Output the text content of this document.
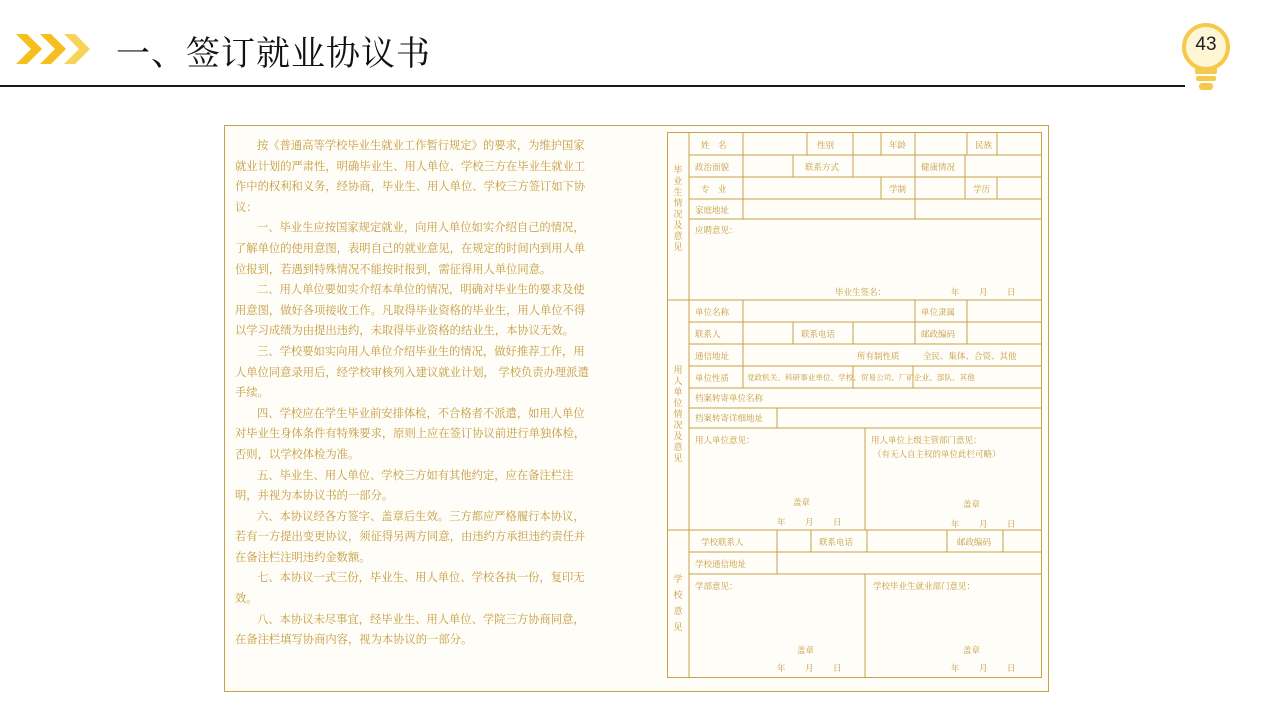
一、签订就业协议书	43

按《普通高等学校毕业生就业工作暂行规定》的要求，为维护国家就业计划的严肃性，明确毕业生、用人单位、学校三方在毕业生就业工作中的权利和义务，经协商，毕业生、用人单位、学校三方签订如下协议：

一、毕业生应按国家规定就业，向用人单位如实介绍自己的情况，了解单位的使用意图，表明自己的就业意见，在规定的时间内到用人单位报到，若遇到特殊情况不能按时报到，需征得用人单位同意。

二、用人单位要如实介绍本单位的情况，明确对毕业生的要求及使用意图，做好各项接收工作。凡取得毕业资格的毕业生，用人单位不得以学习成绩为由提出违约，未取得毕业资格的结业生，本协议无效。

三、学校要如实向用人单位介绍毕业生的情况，做好推荐工作，用人单位同意录用后，经学校审核列入建议就业计划， 学校负责办理派遣手续。

四、学校应在学生毕业前安排体检，不合格者不派遣，如用人单位对毕业生身体条件有特殊要求，原则上应在签订协议前进行单独体检，否则，以学校体检为准。

五、毕业生、用人单位、学校三方如有其他约定，应在备注栏注明，并视为本协议书的一部分。

六、本协议经各方签字、盖章后生效。三方都应严格履行本协议，若有一方提出变更协议，须征得另两方同意，由违约方承担违约责任并在备注栏注明违约金数额。

七、本协议一式三份，毕业生、用人单位、学校各执一份，复印无效。

八、本协议未尽事宜，经毕业生、用人单位、学院三方协商同意，在备注栏填写协商内容，视为本协议的一部分。

毕业生情况及意见
用人单位情况及意见
学校意见
姓　名	性别	年龄	民族
政治面貌	联系方式	健康情况
专　业	学制	学历
家庭地址
应聘意见：
毕业生签名：	年 月 日
单位名称	单位隶属
联系人	联系电话	邮政编码
通信地址	所有制性质	全民、集体、合资、其他
单位性质 党政机关、科研事业单位、学校、贸易公司、厂矿企业、部队、其他
档案转寄单位名称
档案转寄详细地址
用人单位意见：	用人单位上级主管部门意见：
（有无人自主权的单位此栏可略）
盖章
年 月 日
盖章
年 月 日
学校联系人	联系电话	邮政编码
学校通信地址
学部意见：	学校毕业生就业部门意见：
盖章
年 月 日
盖章
年 月 日
